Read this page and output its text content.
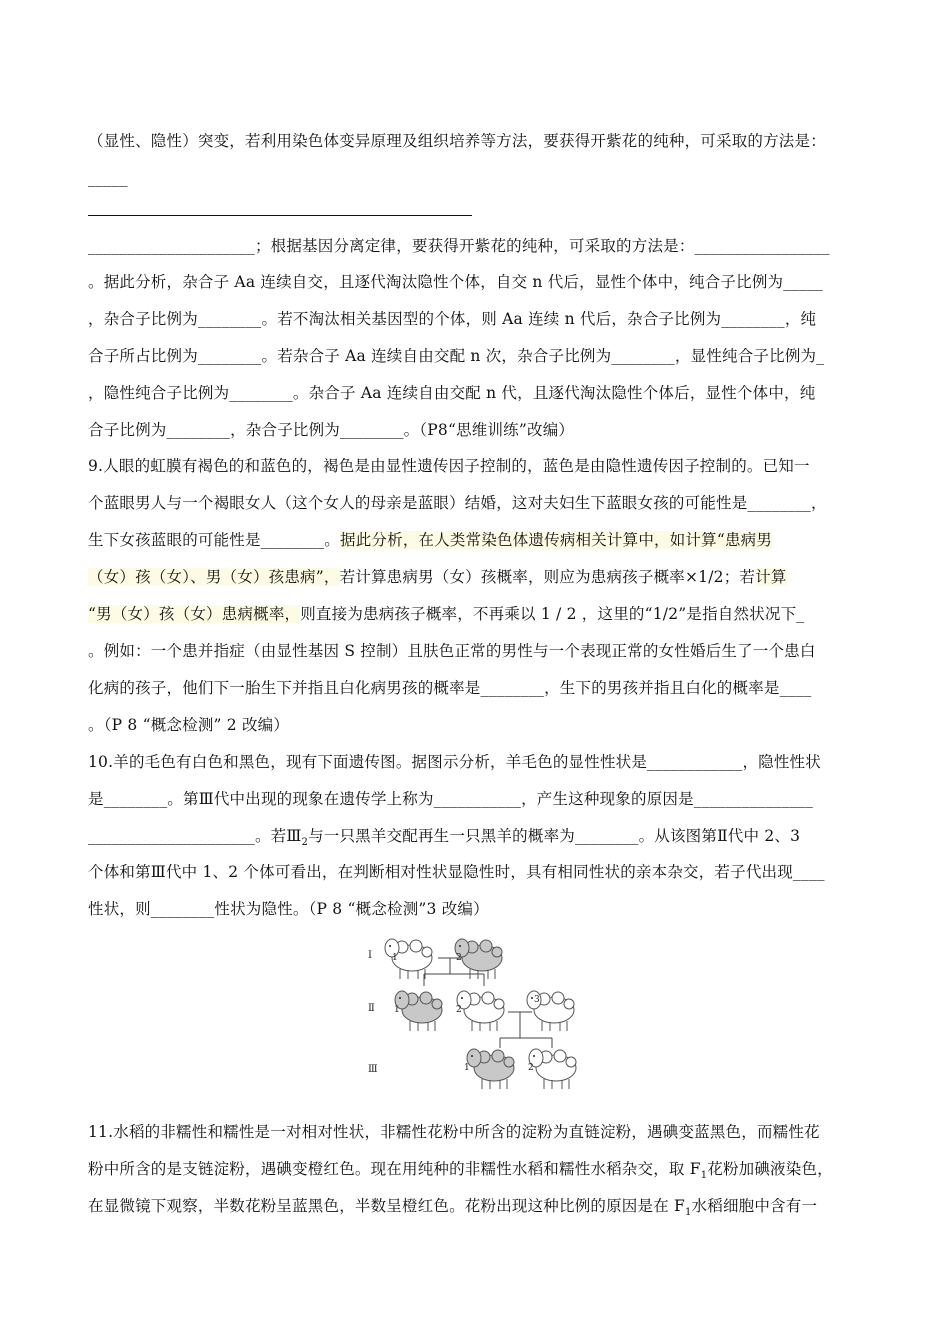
（显性、隐性）突变，若利用染色体变异原理及组织培养等方法，要获得开紫花的纯种，可采取的方法是：
_____
_____________________；根据基因分离定律，要获得开紫花的纯种，可采取的方法是：_________________
。据此分析，杂合子 Aa 连续自交，且逐代淘汰隐性个体，自交 n 代后，显性个体中，纯合子比例为_____
，杂合子比例为________。若不淘汰相关基因型的个体，则 Aa 连续 n 代后，杂合子比例为________，纯
合子所占比例为________。若杂合子 Aa 连续自由交配 n 次，杂合子比例为________，显性纯合子比例为_
，隐性纯合子比例为________。杂合子 Aa 连续自由交配 n 代，且逐代淘汰隐性个体后，显性个体中，纯
合子比例为________，杂合子比例为________。（P8“思维训练”改编）
9.人眼的虹膜有褐色的和蓝色的，褐色是由显性遗传因子控制的，蓝色是由隐性遗传因子控制的。已知一
个蓝眼男人与一个褐眼女人（这个女人的母亲是蓝眼）结婚，这对夫妇生下蓝眼女孩的可能性是________，
生下女孩蓝眼的可能性是________。据此分析，在人类常染色体遗传病相关计算中，如计算“患病男
（女）孩（女）、男（女）孩患病”，若计算患病男（女）孩概率，则应为患病孩子概率×1/2；若计算
“男（女）孩（女）患病概率，则直接为患病孩子概率，不再乘以 1 / 2 ，这里的“1/2”是指自然状况下_
。例如：一个患并指症（由显性基因 S 控制）且肤色正常的男性与一个表现正常的女性婚后生了一个患白
化病的孩子，他们下一胎生下并指且白化病男孩的概率是________，生下的男孩并指且白化的概率是____
。（P 8 “概念检测” 2 改编）
10.羊的毛色有白色和黑色，现有下面遗传图。据图示分析，羊毛色的显性性状是____________，隐性性状
是________。第Ⅲ代中出现的现象在遗传学上称为___________，产生这种现象的原因是_______________
_____________________。若$Ⅲ_2$与一只黑羊交配再生一只黑羊的概率为________。从该图第Ⅱ代中 2、3
个体和第Ⅲ代中 1、2 个体可看出，在判断相对性状显隐性时，具有相同性状的亲本杂交，若子代出现____
性状，则________性状为隐性。（P 8 “概念检测”3 改编）
Ⅰ
Ⅱ
Ⅲ
1	2
1	2
3
1	2
11.水稻的非糯性和糯性是一对相对性状，非糯性花粉中所含的淀粉为直链淀粉，遇碘变蓝黑色，而糯性花
粉中所含的是支链淀粉，遇碘变橙红色。现在用纯种的非糯性水稻和糯性水稻杂交，取 $F_1$花粉加碘液染色，
在显微镜下观察，半数花粉呈蓝黑色，半数呈橙红色。花粉出现这种比例的原因是在 $F_1$水稻细胞中含有一
